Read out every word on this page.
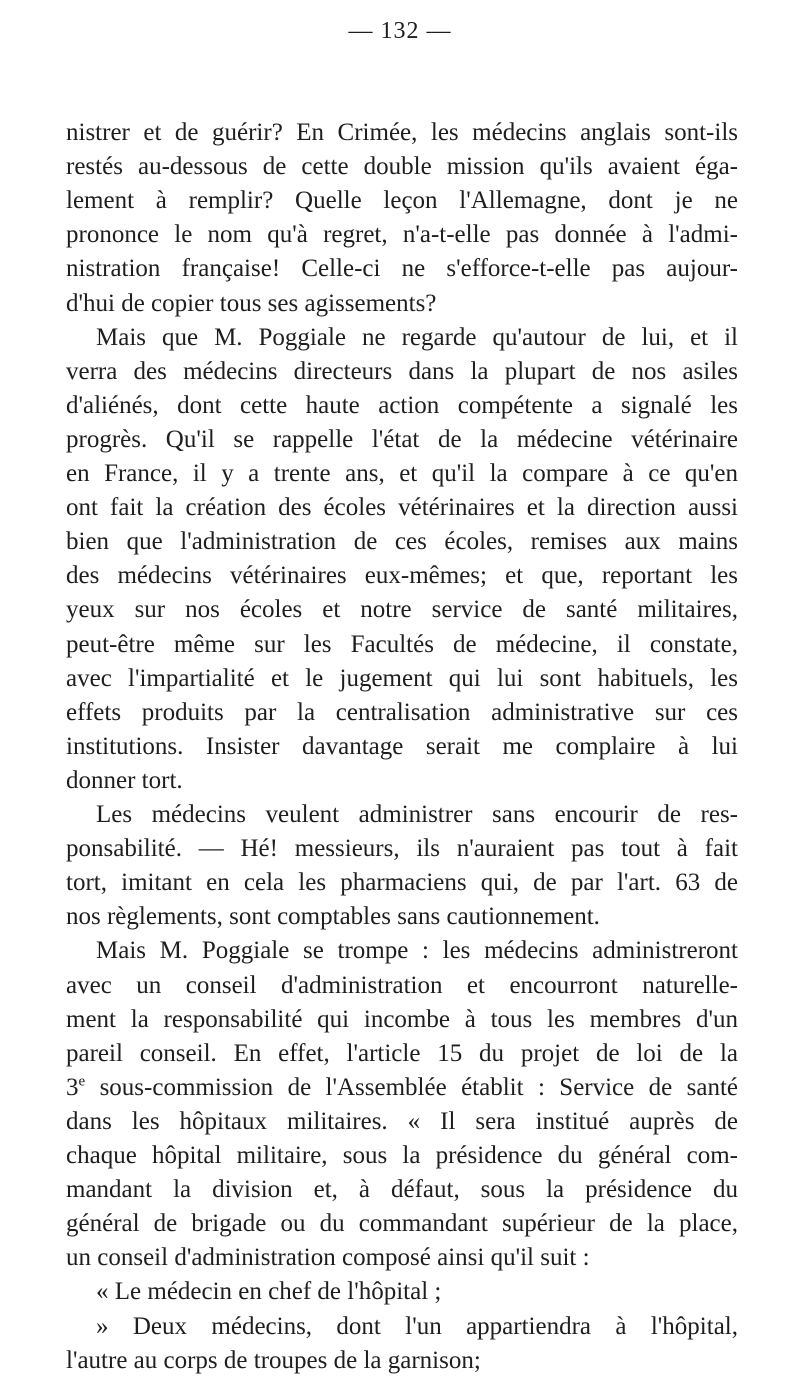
— 132 —
nistrer et de guérir? En Crimée, les médecins anglais sont-ils
restés au-dessous de cette double mission qu'ils avaient éga-
lement à remplir? Quelle leçon l'Allemagne, dont je ne
prononce le nom qu'à regret, n'a-t-elle pas donnée à l'admi-
nistration française! Celle-ci ne s'efforce-t-elle pas aujour-
d'hui de copier tous ses agissements?
Mais que M. Poggiale ne regarde qu'autour de lui, et il
verra des médecins directeurs dans la plupart de nos asiles
d'aliénés, dont cette haute action compétente a signalé les
progrès. Qu'il se rappelle l'état de la médecine vétérinaire
en France, il y a trente ans, et qu'il la compare à ce qu'en
ont fait la création des écoles vétérinaires et la direction aussi
bien que l'administration de ces écoles, remises aux mains
des médecins vétérinaires eux-mêmes; et que, reportant les
yeux sur nos écoles et notre service de santé militaires,
peut-être même sur les Facultés de médecine, il constate,
avec l'impartialité et le jugement qui lui sont habituels, les
effets produits par la centralisation administrative sur ces
institutions. Insister davantage serait me complaire à lui
donner tort.
Les médecins veulent administrer sans encourir de res-
ponsabilité. — Hé! messieurs, ils n'auraient pas tout à fait
tort, imitant en cela les pharmaciens qui, de par l'art. 63 de
nos règlements, sont comptables sans cautionnement.
Mais M. Poggiale se trompe : les médecins administreront
avec un conseil d'administration et encourront naturelle-
ment la responsabilité qui incombe à tous les membres d'un
pareil conseil. En effet, l'article 15 du projet de loi de la
3e sous-commission de l'Assemblée établit : Service de santé
dans les hôpitaux militaires. « Il sera institué auprès de
chaque hôpital militaire, sous la présidence du général com-
mandant la division et, à défaut, sous la présidence du
général de brigade ou du commandant supérieur de la place,
un conseil d'administration composé ainsi qu'il suit :
« Le médecin en chef de l'hôpital ;
» Deux médecins, dont l'un appartiendra à l'hôpital,
l'autre au corps de troupes de la garnison;
